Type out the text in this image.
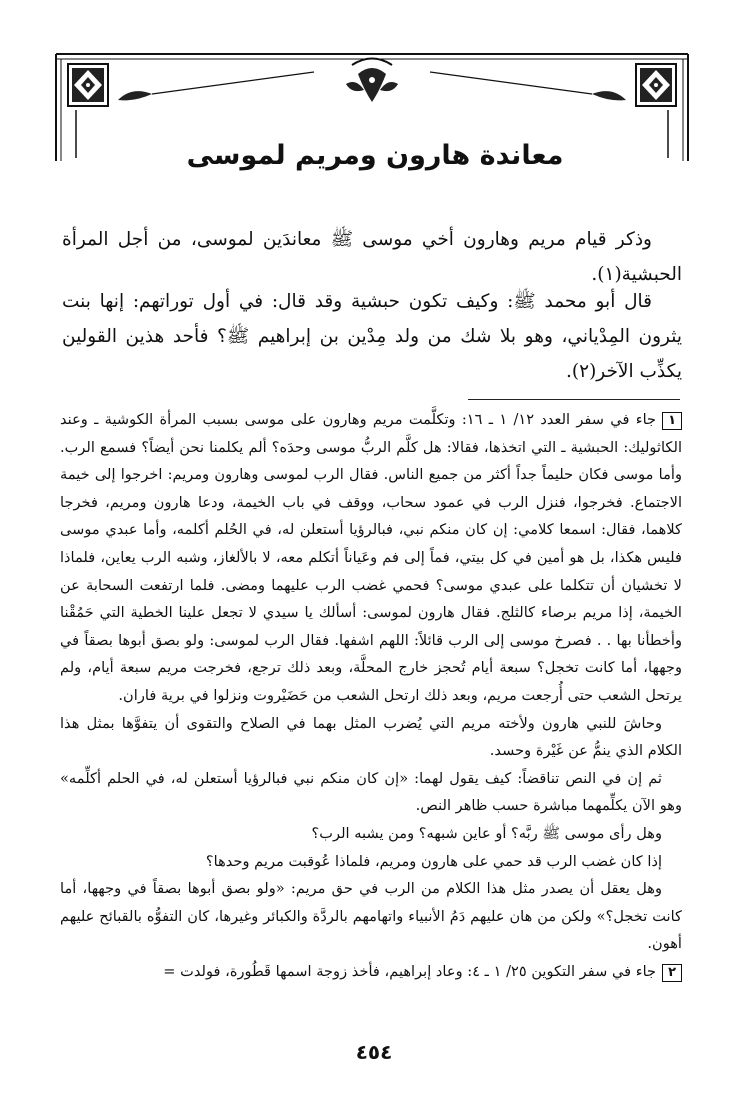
معاندة هارون ومريم لموسى

وذكر قيام مريم وهارون أخي موسى ﷺ معاندَين لموسى، من أجل المرأة الحبشية(١).

قال أبو محمد ﷺ: وكيف تكون حبشية وقد قال: في أول توراتهم: إنها بنت يثرون المِدْياني، وهو بلا شك من ولد مِدْين بن إبراهيم ﷺ؟ فأحد هذين القولين يكذِّب الآخر(٢).

١جاء في سفر العدد ١٢/ ١ ـ ١٦: وتكلَّمت مريم وهارون على موسى بسبب المرأة الكوشية ـ وعند الكاثوليك: الحبشية ـ التي اتخذها، فقالا: هل كلَّم الربُّ موسى وحدَه؟ ألم يكلمنا نحن أيضاً؟ فسمع الرب. وأما موسى فكان حليماً جداً أكثر من جميع الناس. فقال الرب لموسى وهارون ومريم: اخرجوا إلى خيمة الاجتماع. فخرجوا، فنزل الرب في عمود سحاب، ووقف في باب الخيمة، ودعا هارون ومريم، فخرجا كلاهما، فقال: اسمعا كلامي: إن كان منكم نبي، فبالرؤيا أستعلن له، في الحُلم أكلمه، وأما عبدي موسى فليس هكذا، بل هو أمين في كل بيتي، فماً إلى فم وعَياناً أتكلم معه، لا بالألغاز، وشبه الرب يعاين، فلماذا لا تخشيان أن تتكلما على عبدي موسى؟ فحمي غضب الرب عليهما ومضى. فلما ارتفعت السحابة عن الخيمة، إذا مريم برصاء كالثلج. فقال هارون لموسى: أسألك يا سيدي لا تجعل علينا الخطية التي حَمُقْنا وأخطأنا بها . . فصرخ موسى إلى الرب قائلاً: اللهم اشفها. فقال الرب لموسى: ولو بصق أبوها بصقاً في وجهها، أما كانت تخجل؟ سبعة أيام تُحجز خارج المحلَّة، وبعد ذلك ترجع، فخرجت مريم سبعة أيام، ولم يرتحل الشعب حتى أُرجعت مريم، وبعد ذلك ارتحل الشعب من حَضَيْروت ونزلوا في برية فاران.

وحاشَ للنبي هارون ولأخته مريم التي يُضرب المثل بهما في الصلاح والتقوى أن يتفوَّها بمثل هذا الكلام الذي ينمُّ عن غَيْرة وحسد.

ثم إن في النص تناقضاً: كيف يقول لهما: «إن كان منكم نبي فبالرؤيا أستعلن له، في الحلم أكلِّمه» وهو الآن يكلِّمهما مباشرة حسب ظاهر النص.

وهل رأى موسى ﷺ ربَّه؟ أو عاين شبهه؟ ومن يشبه الرب؟

إذا كان غضب الرب قد حمي على هارون ومريم، فلماذا عُوقبت مريم وحدها؟

وهل يعقل أن يصدر مثل هذا الكلام من الرب في حق مريم: «ولو بصق أبوها بصقاً في وجهها، أما كانت تخجل؟» ولكن من هان عليهم دَمُ الأنبياء واتهامهم بالردَّة والكبائر وغيرها، كان التفوُّه بالقبائح عليهم أهون.

٢جاء في سفر التكوين ٢٥/ ١ ـ ٤: وعاد إبراهيم، فأخذ زوجة اسمها قَطُورة، فولدت =

٤٥٤
